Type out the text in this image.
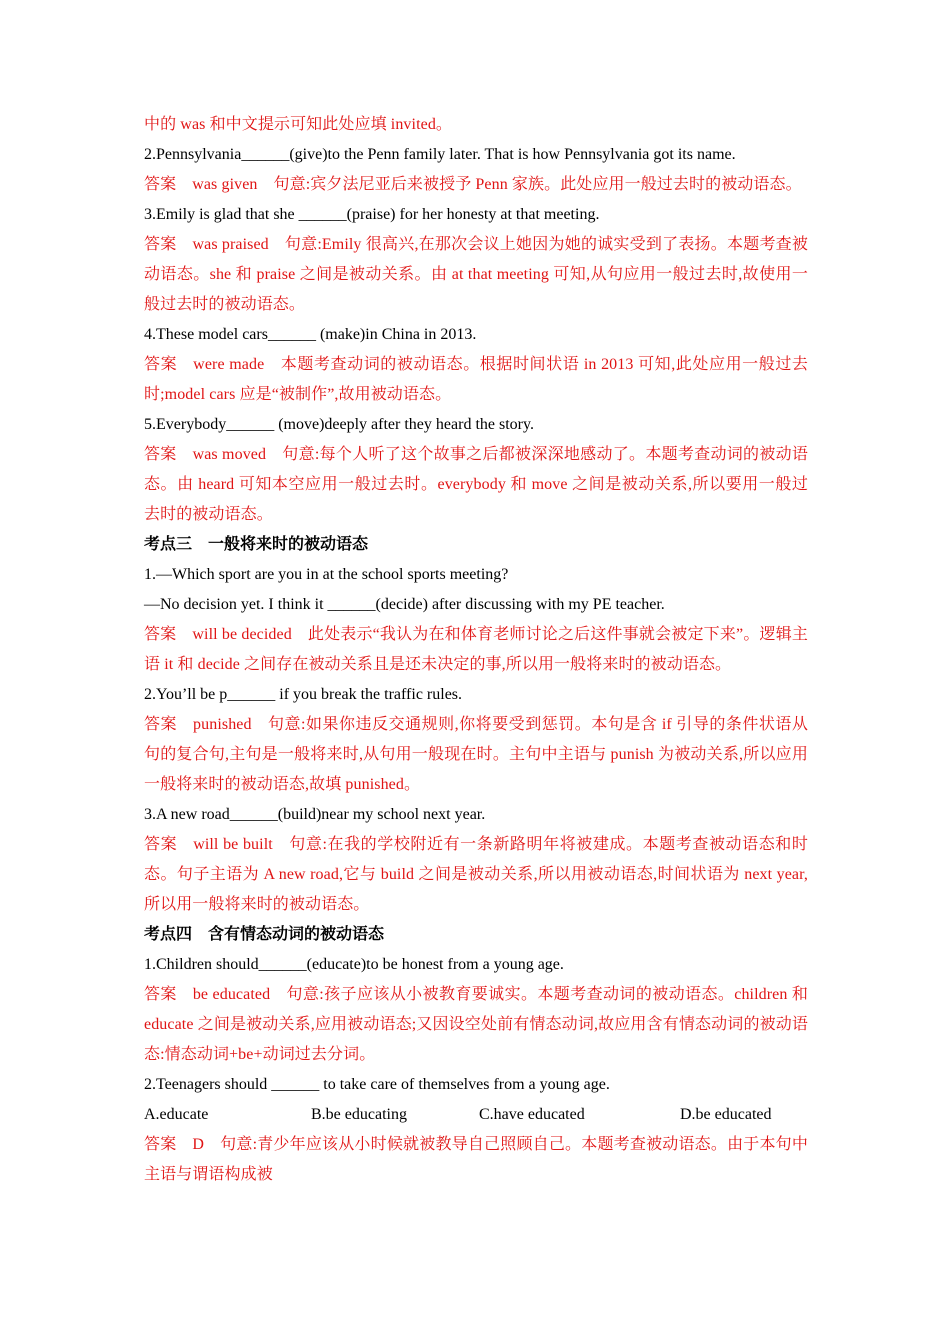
中的 was 和中文提示可知此处应填 invited。

2.Pennsylvania______(give)to the Penn family later. That is how Pennsylvania got its name.

答案 was given 句意:宾夕法尼亚后来被授予 Penn 家族。此处应用一般过去时的被动语态。

3.Emily is glad that she ______(praise) for her honesty at that meeting.

答案 was praised 句意:Emily 很高兴,在那次会议上她因为她的诚实受到了表扬。本题考查被动语态。she 和 praise 之间是被动关系。由 at that meeting 可知,从句应用一般过去时,故使用一般过去时的被动语态。

4.These model cars______ (make)in China in 2013.

答案 were made 本题考查动词的被动语态。根据时间状语 in 2013 可知,此处应用一般过去时;model cars 应是“被制作”,故用被动语态。

5.Everybody______ (move)deeply after they heard the story.

答案 was moved 句意:每个人听了这个故事之后都被深深地感动了。本题考查动词的被动语态。由 heard 可知本空应用一般过去时。everybody 和 move 之间是被动关系,所以要用一般过去时的被动语态。

考点三 一般将来时的被动语态

1.—Which sport are you in at the school sports meeting?

—No decision yet. I think it ______(decide) after discussing with my PE teacher.

答案 will be decided 此处表示“我认为在和体育老师讨论之后这件事就会被定下来”。逻辑主语 it 和 decide 之间存在被动关系且是还未决定的事,所以用一般将来时的被动语态。

2.You’ll be p______ if you break the traffic rules.

答案 punished 句意:如果你违反交通规则,你将要受到惩罚。本句是含 if 引导的条件状语从句的复合句,主句是一般将来时,从句用一般现在时。主句中主语与 punish 为被动关系,所以应用一般将来时的被动语态,故填 punished。

3.A new road______(build)near my school next year.

答案 will be built 句意:在我的学校附近有一条新路明年将被建成。本题考查被动语态和时态。句子主语为 A new road,它与 build 之间是被动关系,所以用被动语态,时间状语为 next year,所以用一般将来时的被动语态。

考点四 含有情态动词的被动语态

1.Children should______(educate)to be honest from a young age.

答案 be educated 句意:孩子应该从小被教育要诚实。本题考查动词的被动语态。children 和 educate 之间是被动关系,应用被动语态;又因设空处前有情态动词,故应用含有情态动词的被动语态:情态动词+be+动词过去分词。

2.Teenagers should ______ to take care of themselves from a young age.

A.educate	B.be educating	C.have educated	D.be educated

答案 D 句意:青少年应该从小时候就被教导自己照顾自己。本题考查被动语态。由于本句中主语与谓语构成被
